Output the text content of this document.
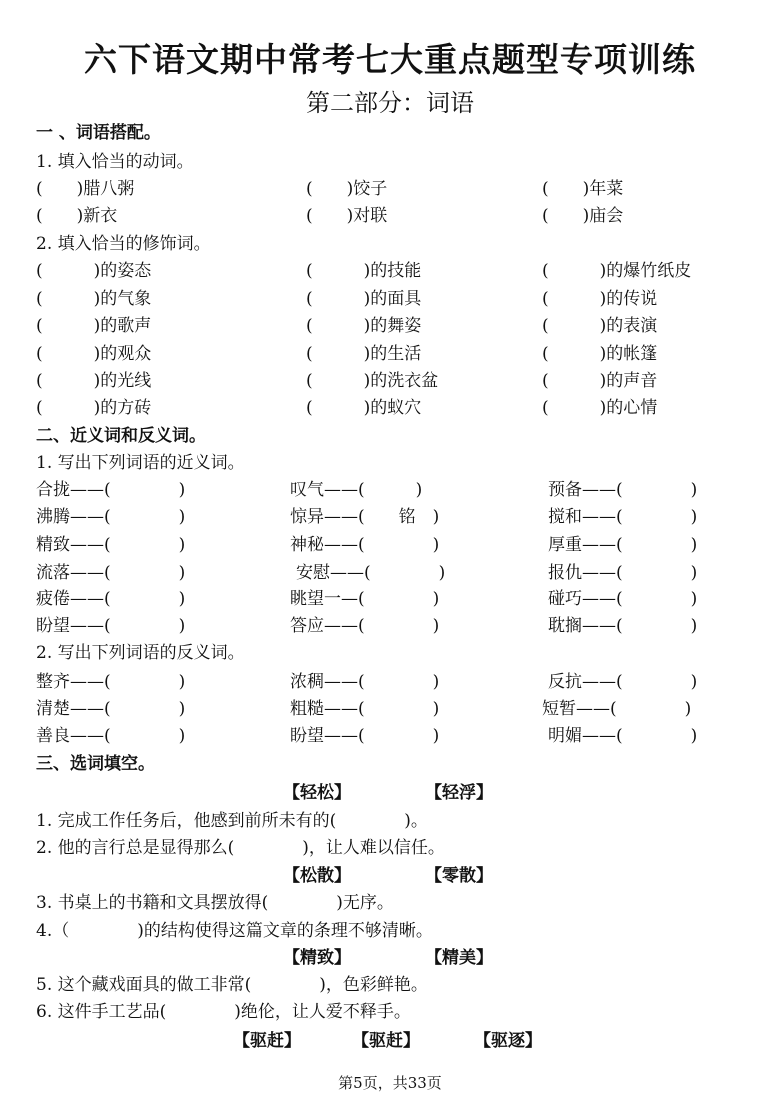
六下语文期中常考七大重点题型专项训练
第二部分：词语
一 、词语搭配。
1. 填入恰当的动词。
(　　)腊八粥	(　　)饺子	(　　)年菜
(　　)新衣	(　　)对联	(　　)庙会
2. 填入恰当的修饰词。
(　　　)的姿态	(　　　)的技能	(　　　)的爆竹纸皮
(　　　)的气象	(　　　)的面具	(　　　)的传说
(　　　)的歌声	(　　　)的舞姿	(　　　)的表演
(　　　)的观众	(　　　)的生活	(　　　)的帐篷
(　　　)的光线	(　　　)的洗衣盆	(　　　)的声音
(　　　)的方砖	(　　　)的蚁穴	(　　　)的心情
二、近义词和反义词。
1. 写出下列词语的近义词。
合拢——(　　　　)	叹气——(　　　)	预备——(　　　　)
沸腾——(　　　　)	惊异——(　　铭　)	搅和——(　　　　)
精致——(　　　　)	神秘——(　　　　)	厚重——(　　　　)
流落——(　　　　)	安慰——(　　　　)	报仇——(　　　　)
疲倦——(　　　　)	眺望一—(　　　　)	碰巧——(　　　　)
盼望——(　　　　)	答应——(　　　　)	耽搁——(　　　　)
2. 写出下列词语的反义词。
整齐——(　　　　)	浓稠——(　　　　)	反抗——(　　　　)
清楚——(　　　　)	粗糙——(　　　　)	短暂——(　　　　)
善良——(　　　　)	盼望——(　　　　)	明媚——(　　　　)
三、选词填空。
【轻松】	【轻浮】
1. 完成工作任务后，他感到前所未有的(　　　　)。
2. 他的言行总是显得那么(　　　　)，让人难以信任。
【松散】	【零散】
3. 书桌上的书籍和文具摆放得(　　　　)无序。
4.（　　　　)的结构使得这篇文章的条理不够清晰。
【精致】	【精美】
5. 这个藏戏面具的做工非常(　　　　)，色彩鲜艳。
6. 这件手工艺品(　　　　)绝伦，让人爱不释手。
【驱赶】	【驱赶】	【驱逐】
第5页，共33页
